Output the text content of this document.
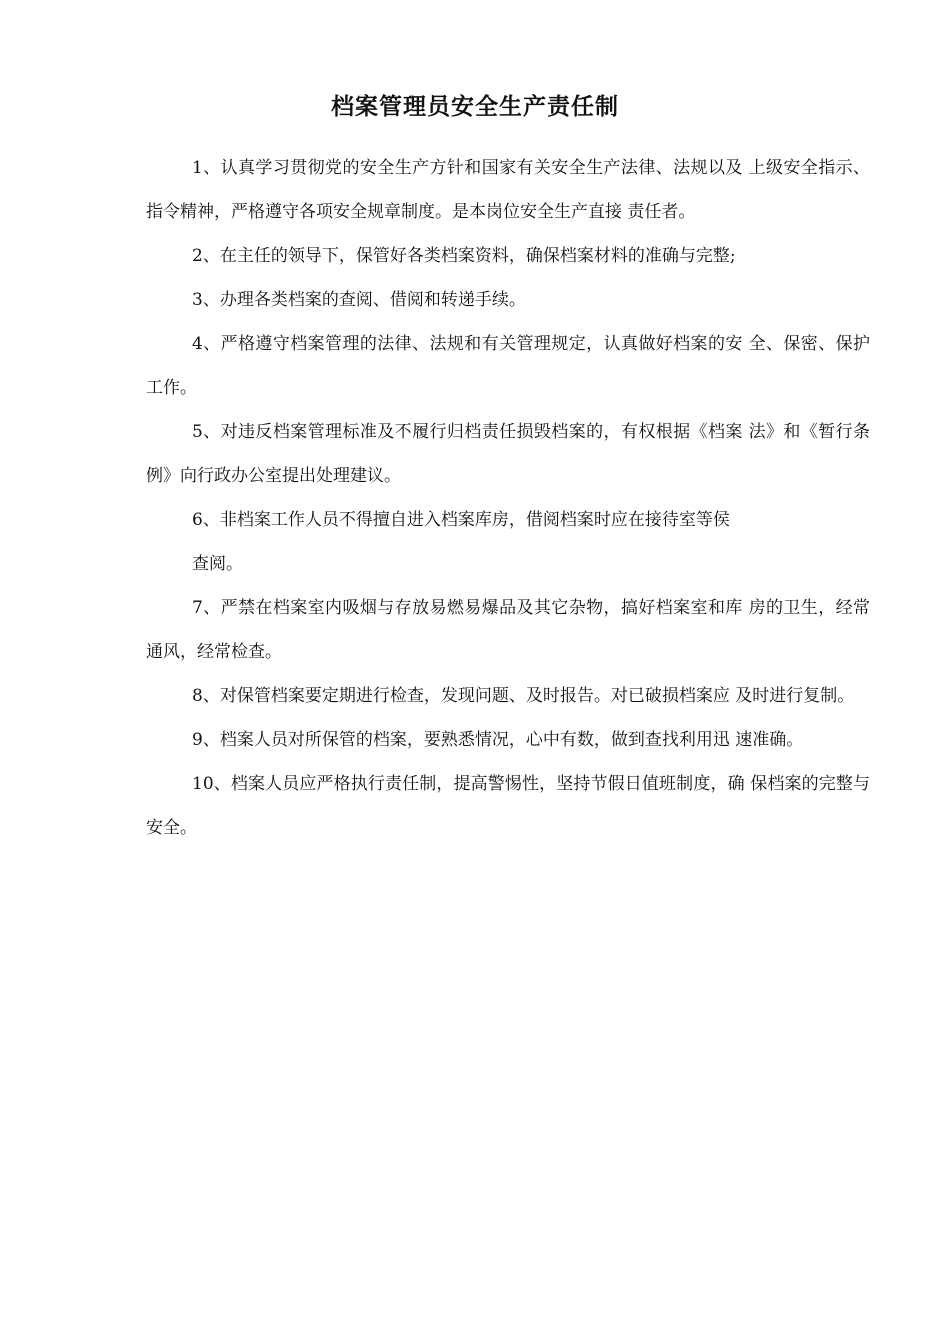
档案管理员安全生产责任制

1、认真学习贯彻党的安全生产方针和国家有关安全生产法律、法规以及 上级安全指示、指令精神，严格遵守各项安全规章制度。是本岗位安全生产直接 责任者。

2、在主任的领导下，保管好各类档案资料，确保档案材料的准确与完整;

3、办理各类档案的查阅、借阅和转递手续。

4、严格遵守档案管理的法律、法规和有关管理规定，认真做好档案的安 全、保密、保护工作。

5、对违反档案管理标准及不履行归档责任损毁档案的，有权根据《档案 法》和《暂行条例》向行政办公室提出处理建议。

6、非档案工作人员不得擅自进入档案库房，借阅档案时应在接待室等侯

查阅。

7、严禁在档案室内吸烟与存放易燃易爆品及其它杂物，搞好档案室和库 房的卫生，经常通风，经常检查。

8、对保管档案要定期进行检查，发现问题、及时报告。对已破损档案应 及时进行复制。

9、档案人员对所保管的档案，要熟悉情况，心中有数，做到查找利用迅 速准确。

10、档案人员应严格执行责任制，提高警惕性，坚持节假日值班制度，确 保档案的完整与安全。
